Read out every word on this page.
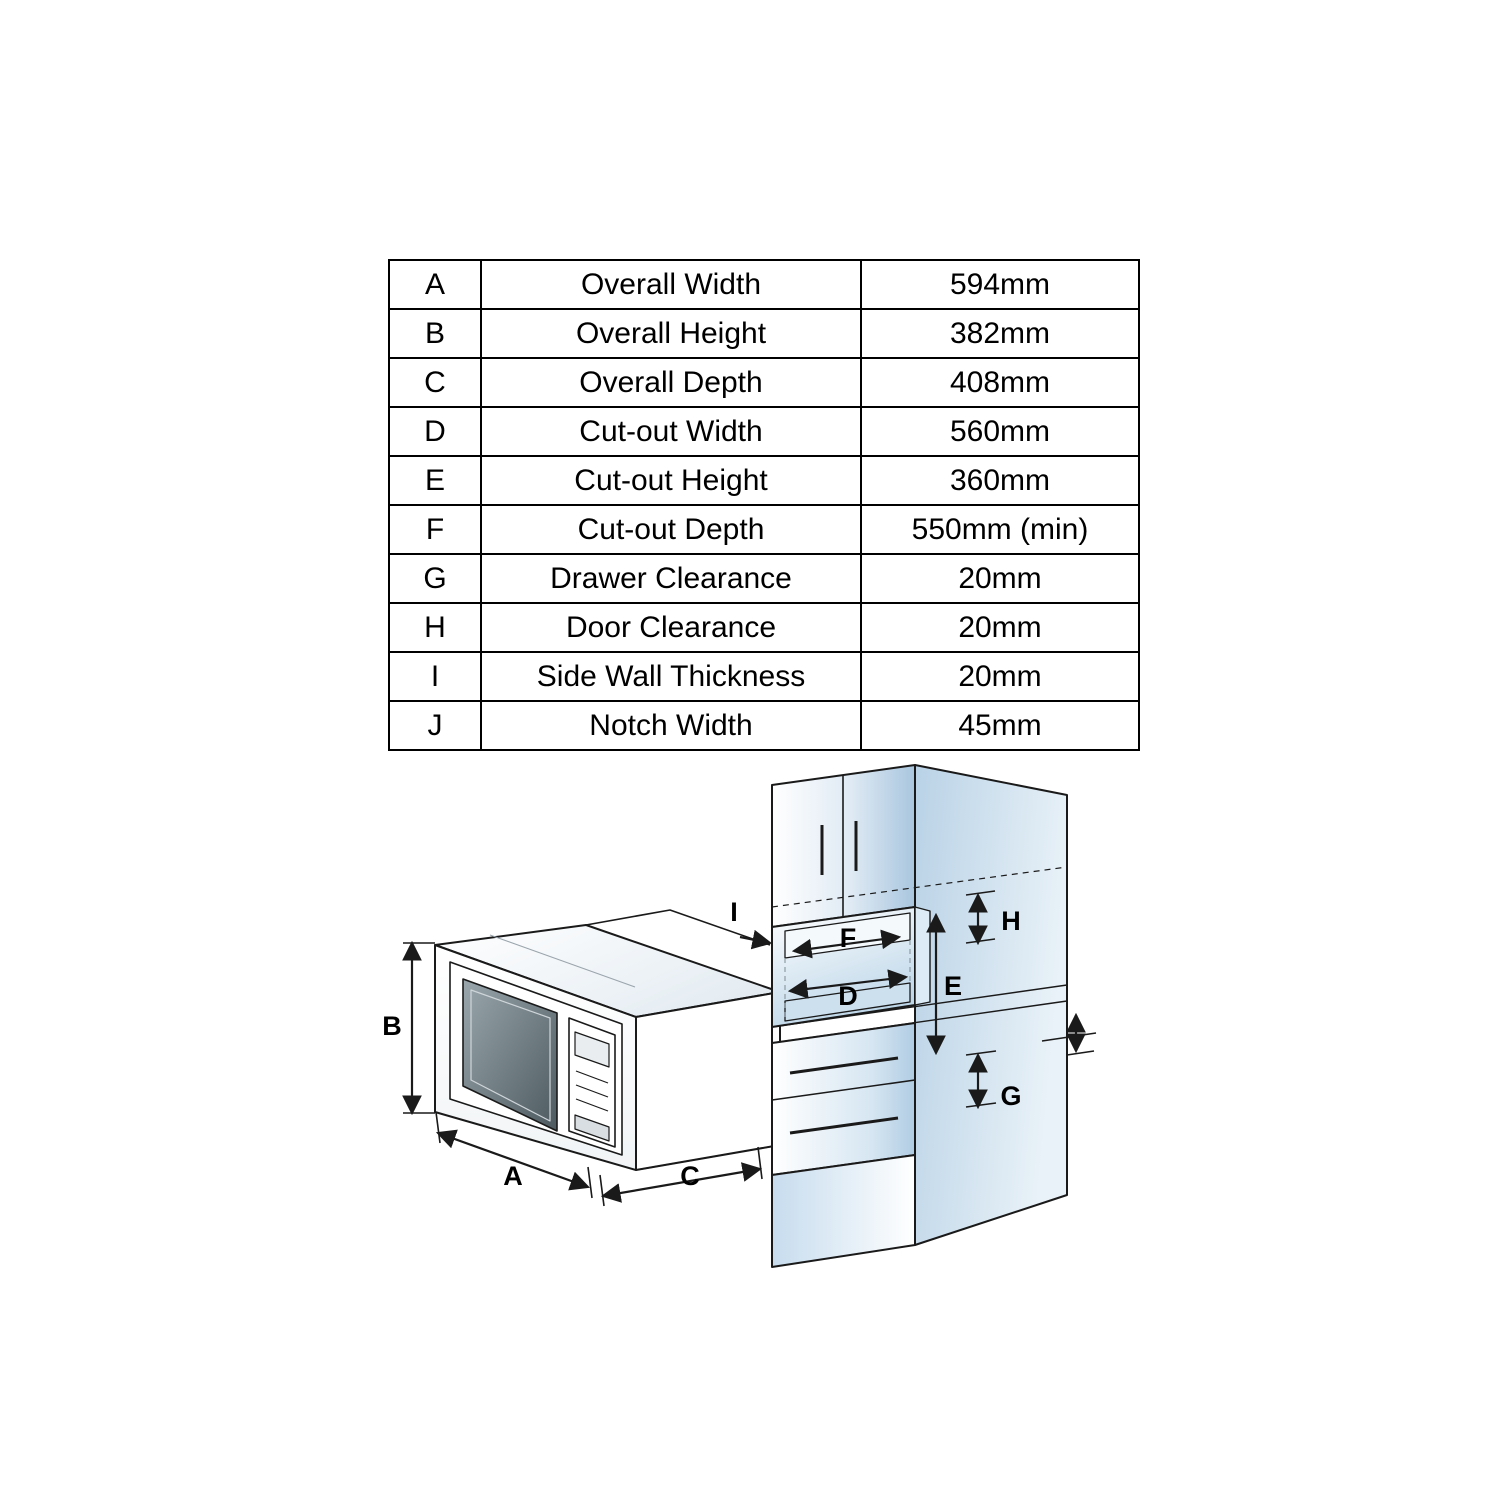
A	Overall Width	594mm
B	Overall Height	382mm
C	Overall Depth	408mm
D	Cut-out Width	560mm
E	Cut-out Height	360mm
F	Cut-out Depth	550mm (min)
G	Drawer Clearance	20mm
H	Door Clearance	20mm
I	Side Wall Thickness	20mm
J	Notch Width	45mm
B
A	C
F
D	E
H
G
I
